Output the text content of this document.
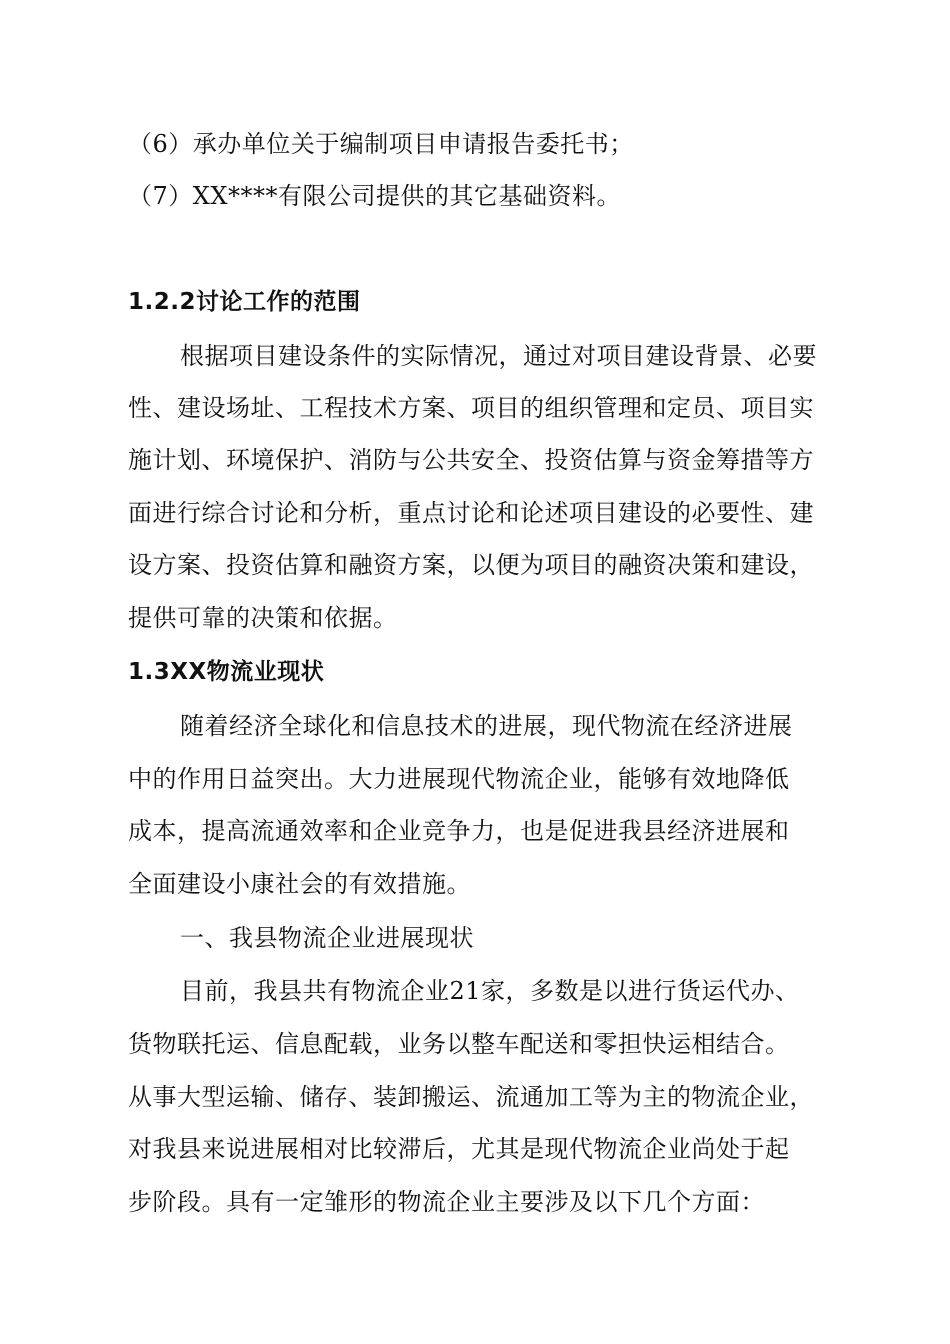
（6）承办单位关于编制项目申请报告委托书；
（7）XX****有限公司提供的其它基础资料。
1.2.2讨论工作的范围
根据项目建设条件的实际情况，通过对项目建设背景、必要
性、建设场址、工程技术方案、项目的组织管理和定员、项目实
施计划、环境保护、消防与公共安全、投资估算与资金筹措等方
面进行综合讨论和分析，重点讨论和论述项目建设的必要性、建
设方案、投资估算和融资方案，以便为项目的融资决策和建设，
提供可靠的决策和依据。
1.3XX物流业现状
随着经济全球化和信息技术的进展，现代物流在经济进展
中的作用日益突出。大力进展现代物流企业，能够有效地降低
成本，提高流通效率和企业竞争力，也是促进我县经济进展和
全面建设小康社会的有效措施。
一、我县物流企业进展现状
目前，我县共有物流企业21家，多数是以进行货运代办、
货物联托运、信息配载，业务以整车配送和零担快运相结合。
从事大型运输、储存、装卸搬运、流通加工等为主的物流企业，
对我县来说进展相对比较滞后，尤其是现代物流企业尚处于起
步阶段。具有一定雏形的物流企业主要涉及以下几个方面：
